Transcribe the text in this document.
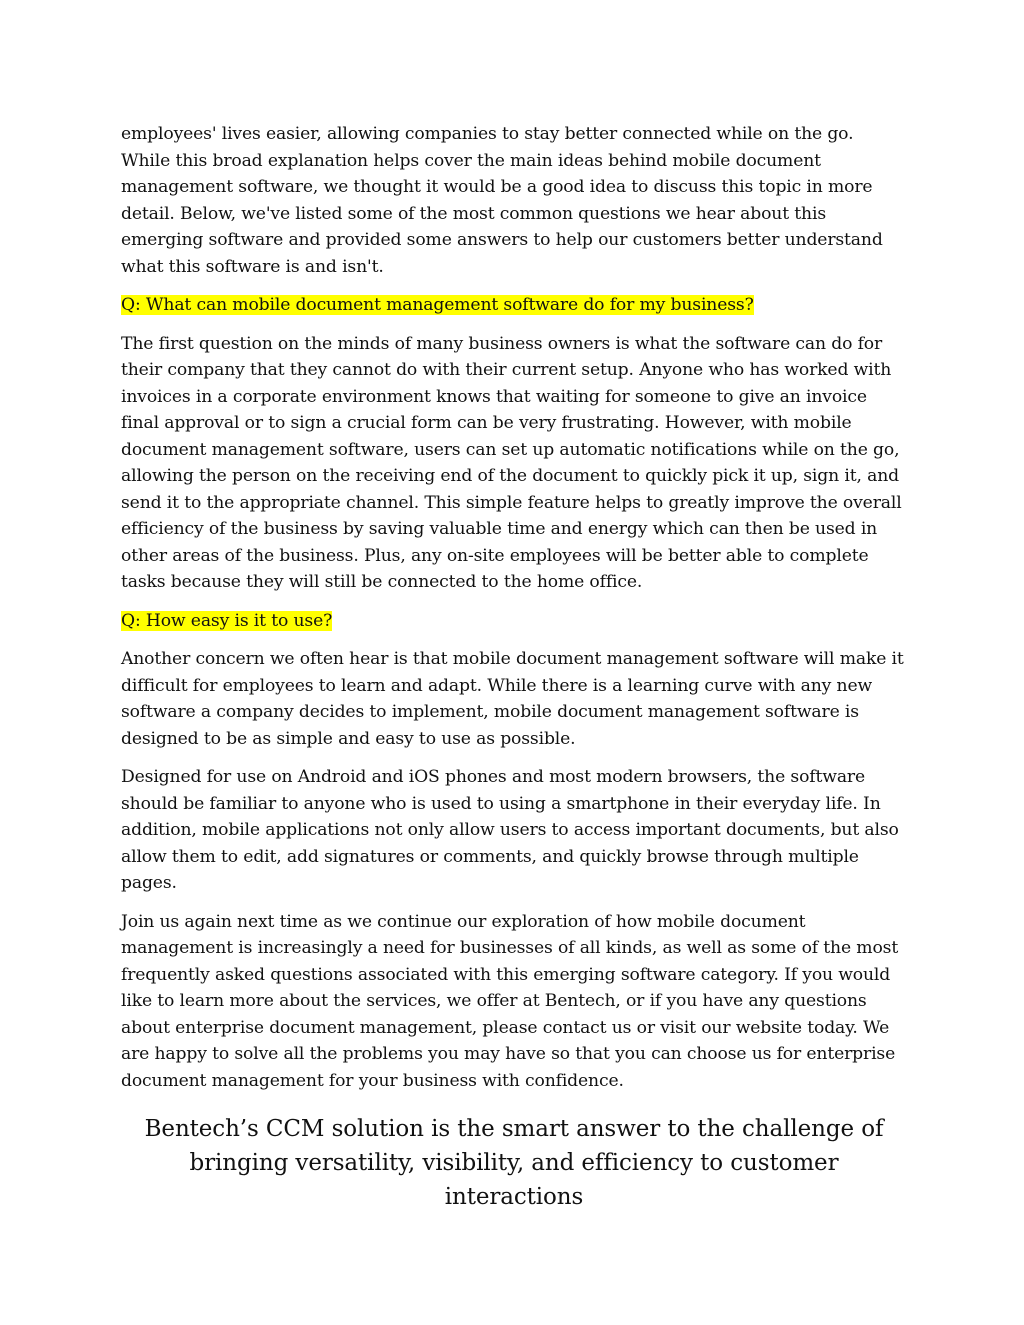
employees' lives easier, allowing companies to stay better connected while on the go. While this broad explanation helps cover the main ideas behind mobile document management software, we thought it would be a good idea to discuss this topic in more detail. Below, we've listed some of the most common questions we hear about this emerging software and provided some answers to help our customers better understand what this software is and isn't.

Q: What can mobile document management software do for my business?

The first question on the minds of many business owners is what the software can do for their company that they cannot do with their current setup. Anyone who has worked with invoices in a corporate environment knows that waiting for someone to give an invoice final approval or to sign a crucial form can be very frustrating. However, with mobile document management software, users can set up automatic notifications while on the go, allowing the person on the receiving end of the document to quickly pick it up, sign it, and send it to the appropriate channel. This simple feature helps to greatly improve the overall efficiency of the business by saving valuable time and energy which can then be used in other areas of the business. Plus, any on-site employees will be better able to complete tasks because they will still be connected to the home office.

Q: How easy is it to use?

Another concern we often hear is that mobile document management software will make it difficult for employees to learn and adapt. While there is a learning curve with any new software a company decides to implement, mobile document management software is designed to be as simple and easy to use as possible.

Designed for use on Android and iOS phones and most modern browsers, the software should be familiar to anyone who is used to using a smartphone in their everyday life. In addition, mobile applications not only allow users to access important documents, but also allow them to edit, add signatures or comments, and quickly browse through multiple pages.

Join us again next time as we continue our exploration of how mobile document management is increasingly a need for businesses of all kinds, as well as some of the most frequently asked questions associated with this emerging software category. If you would like to learn more about the services, we offer at Bentech, or if you have any questions about enterprise document management, please contact us or visit our website today. We are happy to solve all the problems you may have so that you can choose us for enterprise document management for your business with confidence.

Bentech’s CCM solution is the smart answer to the challenge of bringing versatility, visibility, and efficiency to customer interactions
